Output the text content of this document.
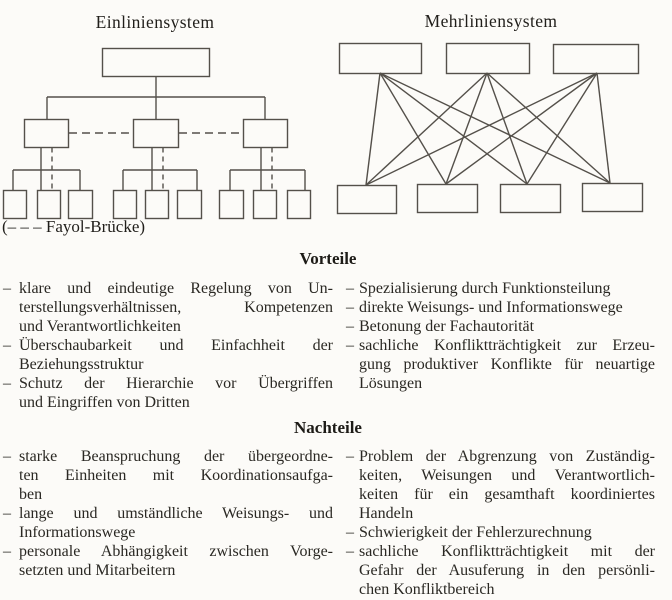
Einliniensystem	Mehrliniensystem
(– – – Fayol-Brücke)
Vorteile
– klare und eindeutige Regelung von Un-
terstellungsverhältnissen, Kompetenzen
und Verantwortlichkeiten
– Überschaubarkeit und Einfachheit der
Beziehungsstruktur
– Schutz der Hierarchie vor Übergriffen
und Eingriffen von Dritten
– Spezialisierung durch Funktionsteilung
– direkte Weisungs- und Informationswege
– Betonung der Fachautorität
– sachliche Konfliktträchtigkeit zur Erzeu-
gung produktiver Konflikte für neuartige
Lösungen
Nachteile
– starke Beanspruchung der übergeordne-
ten Einheiten mit Koordinationsaufga-
ben
– lange und umständliche Weisungs- und
Informationswege
– personale Abhängigkeit zwischen Vorge-
setzten und Mitarbeitern
– Problem der Abgrenzung von Zuständig-
keiten, Weisungen und Verantwortlich-
keiten für ein gesamthaft koordiniertes
Handeln
– Schwierigkeit der Fehlerzurechnung
– sachliche Konfliktträchtigkeit mit der
Gefahr der Ausuferung in den persönli-
chen Konfliktbereich
